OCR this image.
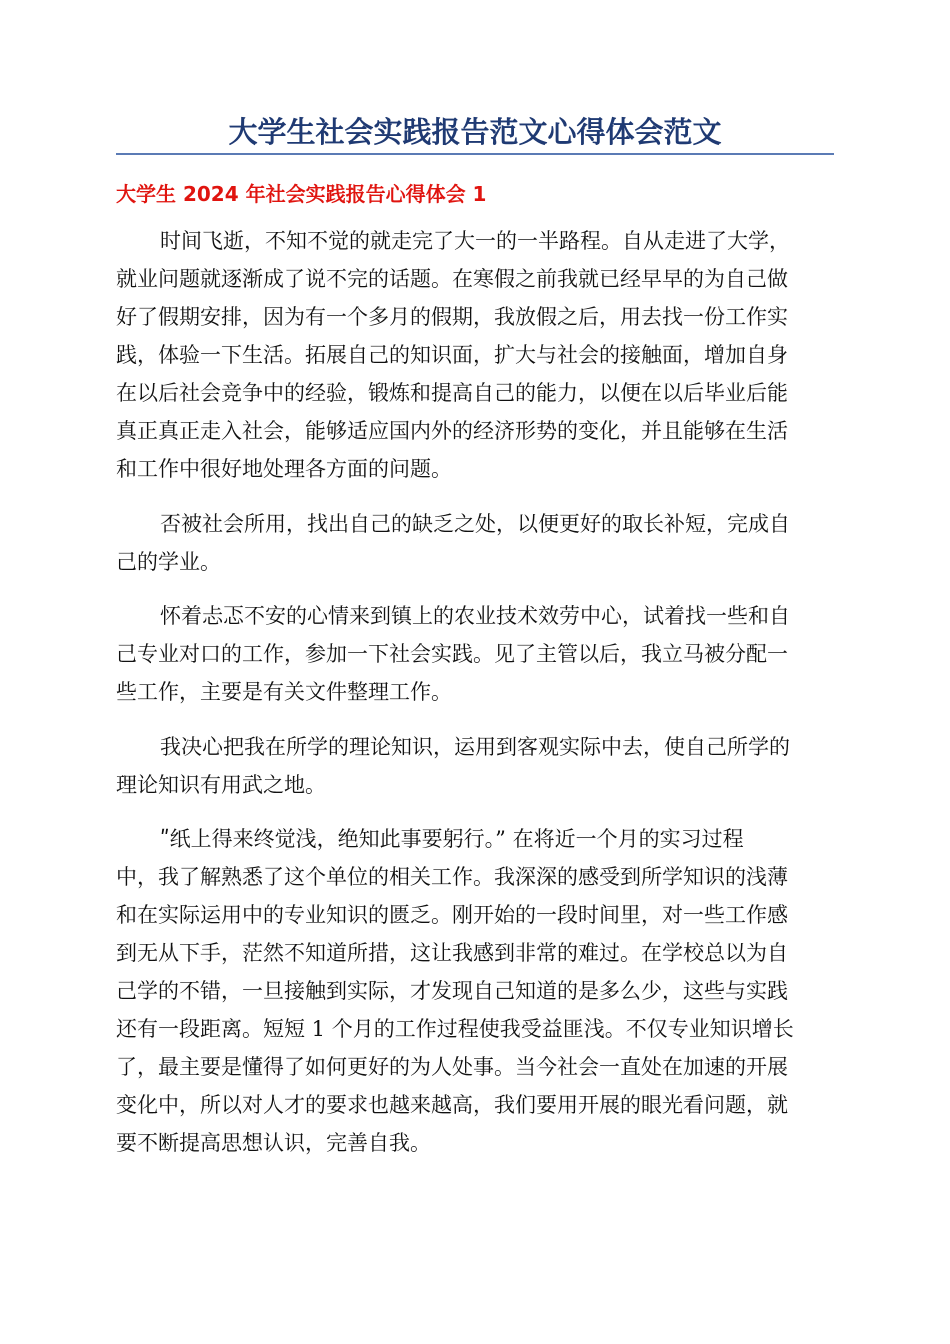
大学生社会实践报告范文心得体会范文
大学生 2024 年社会实践报告心得体会 1
时间飞逝，不知不觉的就走完了大一的一半路程。自从走进了大学，
就业问题就逐渐成了说不完的话题。在寒假之前我就已经早早的为自己做
好了假期安排，因为有一个多月的假期，我放假之后，用去找一份工作实
践，体验一下生活。拓展自己的知识面，扩大与社会的接触面，增加自身
在以后社会竞争中的经验，锻炼和提高自己的能力，以便在以后毕业后能
真正真正走入社会，能够适应国内外的经济形势的变化，并且能够在生活
和工作中很好地处理各方面的问题。
否被社会所用，找出自己的缺乏之处，以便更好的取长补短，完成自
己的学业。
怀着忐忑不安的心情来到镇上的农业技术效劳中心，试着找一些和自
己专业对口的工作，参加一下社会实践。见了主管以后，我立马被分配一
些工作，主要是有关文件整理工作。
我决心把我在所学的理论知识，运用到客观实际中去，使自己所学的
理论知识有用武之地。
ʺ纸上得来终觉浅，绝知此事要躬行。” 在将近一个月的实习过程
中，我了解熟悉了这个单位的相关工作。我深深的感受到所学知识的浅薄
和在实际运用中的专业知识的匮乏。刚开始的一段时间里，对一些工作感
到无从下手，茫然不知道所措，这让我感到非常的难过。在学校总以为自
己学的不错，一旦接触到实际，才发现自己知道的是多么少，这些与实践
还有一段距离。短短 1 个月的工作过程使我受益匪浅。不仅专业知识增长
了，最主要是懂得了如何更好的为人处事。当今社会一直处在加速的开展
变化中，所以对人才的要求也越来越高，我们要用开展的眼光看问题，就
要不断提高思想认识，完善自我。
